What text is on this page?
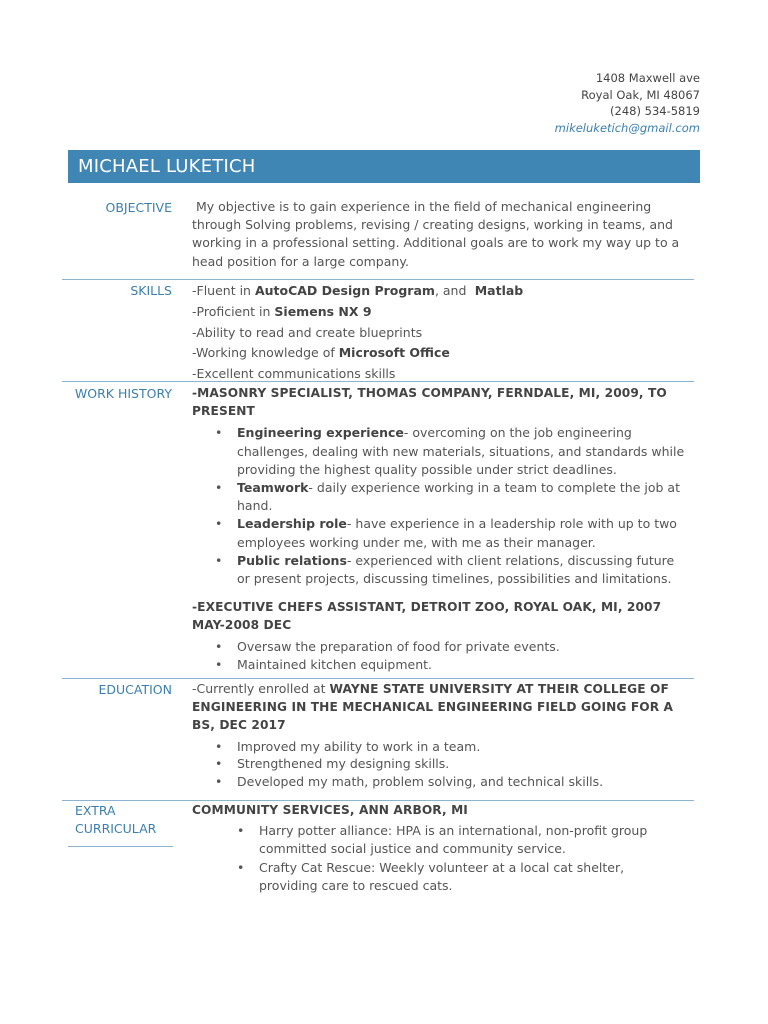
1408 Maxwell ave
Royal Oak, MI 48067
(248) 534-5819
mikeluketich@gmail.com
MICHAEL LUKETICH
OBJECTIVE My objective is to gain experience in the field of mechanical engineering
through Solving problems, revising / creating designs, working in teams, and
working in a professional setting. Additional goals are to work my way up to a
head position for a large company.
SKILLS -Fluent in AutoCAD Design Program, and  Matlab
-Proficient in Siemens NX 9
-Ability to read and create blueprints
-Working knowledge of Microsoft Office
-Excellent communications skills
WORK HISTORY -MASONRY SPECIALIST, THOMAS COMPANY, FERNDALE, MI, 2009, TO
PRESENT
• Engineering experience- overcoming on the job engineering
challenges, dealing with new materials, situations, and standards while
providing the highest quality possible under strict deadlines.
• Teamwork- daily experience working in a team to complete the job at
hand.
• Leadership role- have experience in a leadership role with up to two
employees working under me, with me as their manager.
• Public relations- experienced with client relations, discussing future
or present projects, discussing timelines, possibilities and limitations.
-EXECUTIVE CHEFS ASSISTANT, DETROIT ZOO, ROYAL OAK, MI, 2007
MAY-2008 DEC
• Oversaw the preparation of food for private events.
• Maintained kitchen equipment.
EDUCATION -Currently enrolled at WAYNE STATE UNIVERSITY AT THEIR COLLEGE OF
ENGINEERING IN THE MECHANICAL ENGINEERING FIELD GOING FOR A
BS, DEC 2017
• Improved my ability to work in a team.
• Strengthened my designing skills.
• Developed my math, problem solving, and technical skills.
EXTRA
CURRICULAR
COMMUNITY SERVICES, ANN ARBOR, MI
• Harry potter alliance: HPA is an international, non-profit group
committed social justice and community service.
• Crafty Cat Rescue: Weekly volunteer at a local cat shelter,
providing care to rescued cats.
